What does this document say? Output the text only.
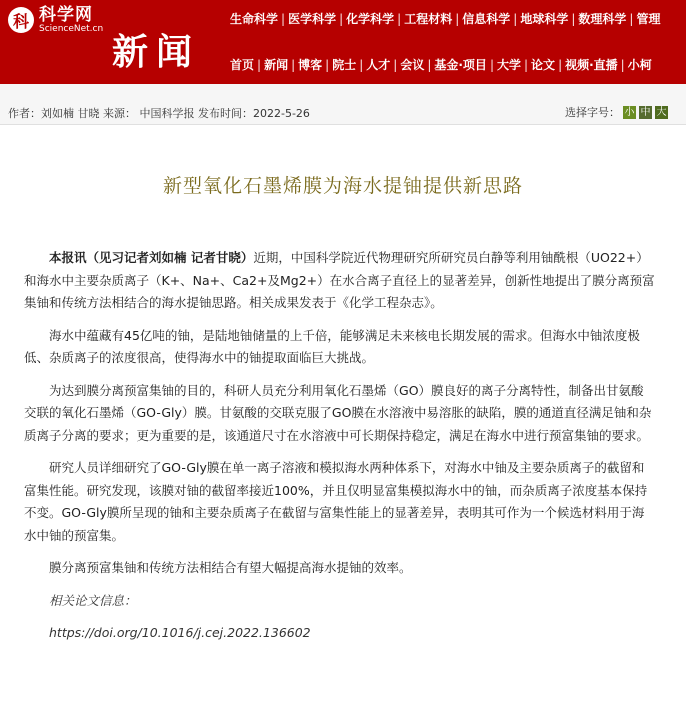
科 科学网
ScienceNet.cn
新闻
生命科学 | 医学科学 | 化学科学 | 工程材料 | 信息科学 | 地球科学 | 数理科学 | 管理
首页 | 新闻 | 博客 | 院士 | 人才 | 会议 | 基金·项目 | 大学 | 论文 | 视频·直播 | 小柯
作者：刘如楠 甘晓 来源： 中国科学报 发布时间：2022-5-26	选择字号： 小 中 大
新型氧化石墨烯膜为海水提铀提供新思路

本报讯（见习记者刘如楠 记者甘晓）近期，中国科学院近代物理研究所研究员白静等利用铀酰根（UO22+）和海水中主要杂质离子（K+、Na+、Ca2+及Mg2+）在水合离子直径上的显著差异，创新性地提出了膜分离预富集铀和传统方法相结合的海水提铀思路。相关成果发表于《化学工程杂志》。

海水中蕴藏有45亿吨的铀，是陆地铀储量的上千倍，能够满足未来核电长期发展的需求。但海水中铀浓度极低、杂质离子的浓度很高，使得海水中的铀提取面临巨大挑战。

为达到膜分离预富集铀的目的，科研人员充分利用氧化石墨烯（GO）膜良好的离子分离特性，制备出甘氨酸交联的氧化石墨烯（GO-Gly）膜。甘氨酸的交联克服了GO膜在水溶液中易溶胀的缺陷，膜的通道直径满足铀和杂质离子分离的要求；更为重要的是，该通道尺寸在水溶液中可长期保持稳定，满足在海水中进行预富集铀的要求。

研究人员详细研究了GO-Gly膜在单一离子溶液和模拟海水两种体系下，对海水中铀及主要杂质离子的截留和富集性能。研究发现，该膜对铀的截留率接近100%，并且仅明显富集模拟海水中的铀，而杂质离子浓度基本保持不变。GO-Gly膜所呈现的铀和主要杂质离子在截留与富集性能上的显著差异，表明其可作为一个候选材料用于海水中铀的预富集。

膜分离预富集铀和传统方法相结合有望大幅提高海水提铀的效率。

相关论文信息：

https://doi.org/10.1016/j.cej.2022.136602
